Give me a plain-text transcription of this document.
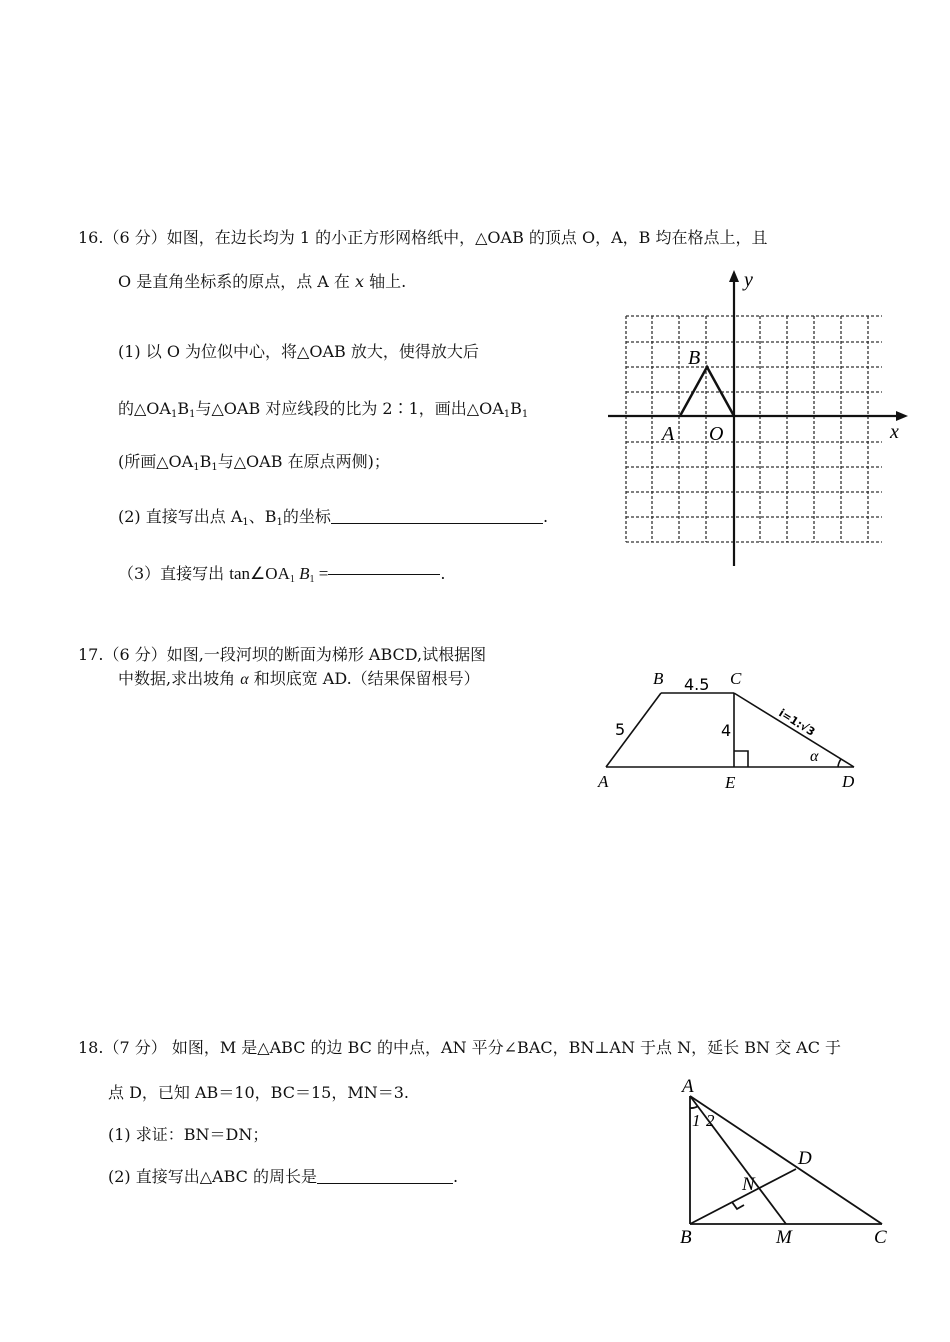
16.（6 分）如图，在边长均为 1 的小正方形网格纸中，△OAB 的顶点 O，A，B 均在格点上，且
O 是直角坐标系的原点，点 A 在 x 轴上.
(1) 以 O 为位似中心，将△OAB 放大，使得放大后
的$\triangle OA_1B_1$与△OAB 对应线段的比为 2∶1，画出$\triangle OA_1B_1$
(所画$\triangle OA_1B_1$与△OAB 在原点两侧)；
(2) 直接写出点 $A_1$、$B_1$的坐标	.
（3）直接写出 $\tan\angle OA_1$ $B_1$ =	.
x
y
A O
B
17.（6 分）如图,一段河坝的断面为梯形 ABCD,试根据图
中数据,求出坡角 α 和坝底宽 AD.（结果保留根号）
A
B	C
D
E
4.5
5	4	i=1:√3
α
18.（7 分） 如图，M 是△ABC 的边 BC 的中点，AN 平分∠BAC，BN⊥AN 于点 N，延长 BN 交 AC 于
点 D，已知 AB＝10，BC＝15，MN＝3.
(1) 求证：BN＝DN；
(2) 直接写出△ABC 的周长是	.
A
B	C
D
M
N
1 2
